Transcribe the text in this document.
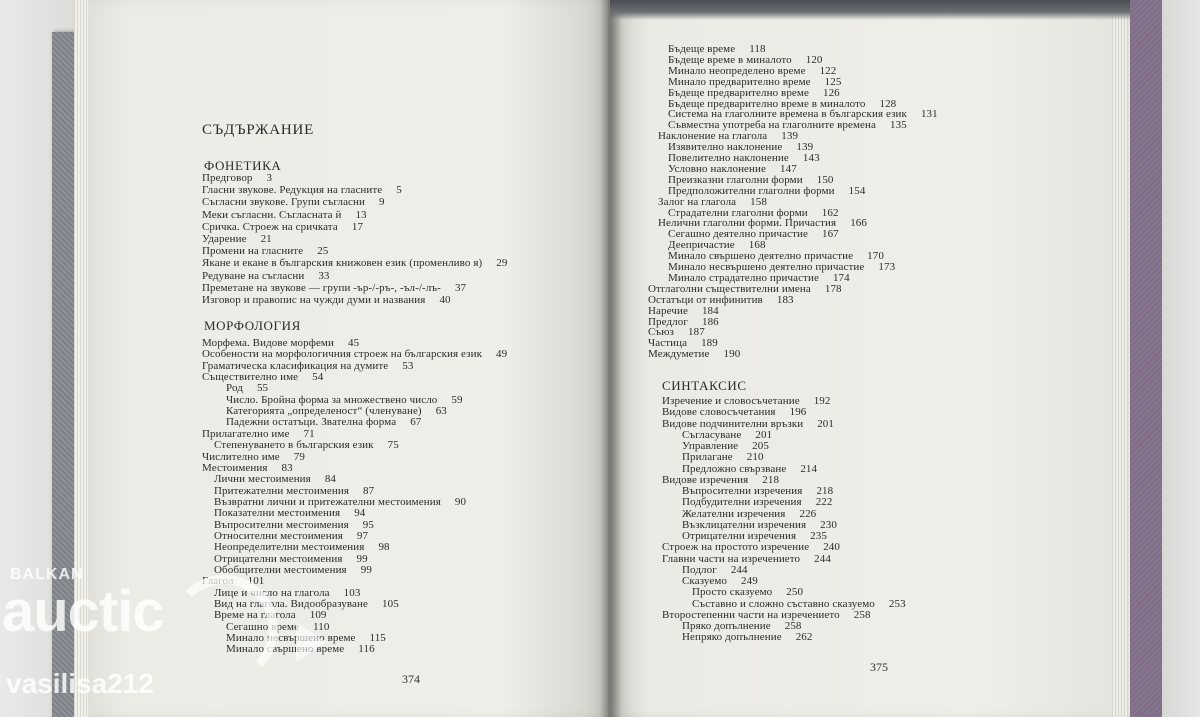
СЪДЪРЖАНИЕ
ФОНЕТИКА
Предговор 3
Гласни звукове. Редукция на гласните 5
Съгласни звукове. Групи съгласни 9
Меки съгласни. Съгласната й 13
Сричка. Строеж на сричката 17
Ударение 21
Промени на гласните 25
Якане и екане в българския книжовен език (променливо я) 29
Редуване на съгласни 33
Преметане на звукове — групи -ър-/-ръ-, -ъл-/-лъ- 37
Изговор и правопис на чужди думи и названия 40
МОРФОЛОГИЯ
Морфема. Видове морфеми 45
Особености на морфологичния строеж на българския език 49
Граматическа класификация на думите 53
Съществително име 54
Род 55
Число. Бройна форма за множествено число 59
Категорията „определеност“ (членуване) 63
Падежни остатъци. Звателна форма 67
Прилагателно име 71
Степенуването в българския език 75
Числително име 79
Местоимения 83
Лични местоимения 84
Притежателни местоимения 87
Възвратни лични и притежателни местоимения 90
Показателни местоимения 94
Въпросителни местоимения 95
Относителни местоимения 97
Неопределителни местоимения 98
Отрицателни местоимения 99
Обобщителни местоимения 99
Глагол 101
Лице и число на глагола 103
Вид на глагола. Видообразуване 105
Време на глагола 109
Сегашно време 110
Минало несвършено време 115
Минало свършено време 116
374
Бъдеще време 118
Бъдеще време в миналото 120
Минало неопределено време 122
Минало предварително време 125
Бъдеще предварително време 126
Бъдеще предварително време в миналото 128
Система на глаголните времена в българския език 131
Съвместна употреба на глаголните времена 135
Наклонение на глагола 139
Изявително наклонение 139
Повелително наклонение 143
Условно наклонение 147
Преизказни глаголни форми 150
Предположителни глаголни форми 154
Залог на глагола 158
Страдателни глаголни форми 162
Нелични глаголни форми. Причастия 166
Сегашно деятелно причастие 167
Деепричастие 168
Минало свършено деятелно причастие 170
Минало несвършено деятелно причастие 173
Минало страдателно причастие 174
Отглаголни съществителни имена 178
Остатъци от инфинитив 183
Наречие 184
Предлог 186
Съюз 187
Частица 189
Междуметие 190
СИНТАКСИС
Изречение и словосъчетание 192
Видове словосъчетания 196
Видове подчинителни връзки 201
Съгласуване 201
Управление 205
Прилагане 210
Предложно свързване 214
Видове изречения 218
Въпросителни изречения 218
Подбудителни изречения 222
Желателни изречения 226
Възклицателни изречения 230
Отрицателни изречения 235
Строеж на простото изречение 240
Главни части на изречението 244
Подлог 244
Сказуемо 249
Просто сказуемо 250
Съставно и сложно съставно сказуемо 253
Второстепенни части на изречението 258
Пряко допълнение 258
Непряко допълнение 262
375
BALKAN
auctic
vasilisa212
